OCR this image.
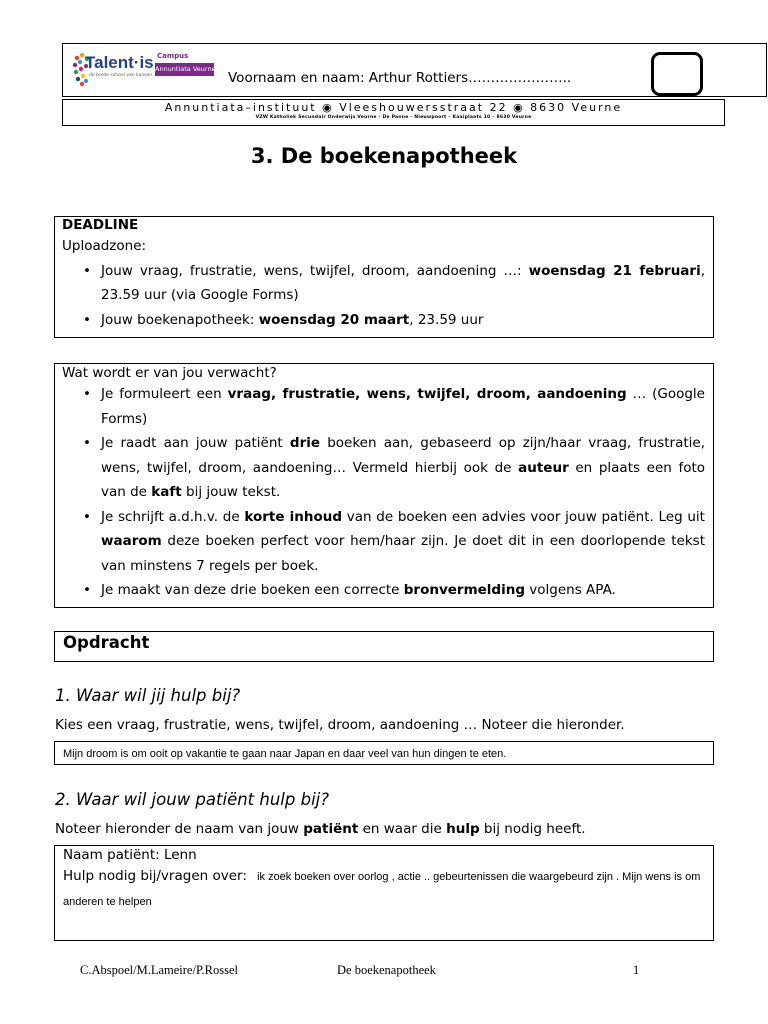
Talent·is
de brede school van kansen
Campus
Annuntiata Veurne
Voornaam en naam: Arthur Rottiers…………………..
Annuntiata–instituut ◉ Vleeshouwersstraat 22 ◉ 8630 Veurne
VZW Katholiek Secundair Onderwijs Veurne - De Panne - Nieuwpoort – Kaaiplaats 10 – 8630 Veurne
3. De boekenapotheek
DEADLINE
Uploadzone:
• Jouw vraag, frustratie, wens, twijfel, droom, aandoening …: woensdag 21 februari, 23.59 uur (via Google Forms)
• Jouw boekenapotheek: woensdag 20 maart, 23.59 uur
Wat wordt er van jou verwacht?
• Je formuleert een vraag, frustratie, wens, twijfel, droom, aandoening … (Google Forms)
• Je raadt aan jouw patiënt drie boeken aan, gebaseerd op zijn/haar vraag, frustratie, wens, twijfel, droom, aandoening… Vermeld hierbij ook de auteur en plaats een foto van de kaft bij jouw tekst.
• Je schrijft a.d.h.v. de korte inhoud van de boeken een advies voor jouw patiënt. Leg uit waarom deze boeken perfect voor hem/haar zijn. Je doet dit in een doorlopende tekst van minstens 7 regels per boek.
• Je maakt van deze drie boeken een correcte bronvermelding volgens APA.
Opdracht
1. Waar wil jij hulp bij?
Kies een vraag, frustratie, wens, twijfel, droom, aandoening … Noteer die hieronder.
Mijn droom is om ooit op vakantie te gaan naar Japan en daar veel van hun dingen te eten.
2. Waar wil jouw patiënt hulp bij?
Noteer hieronder de naam van jouw patiënt en waar die hulp bij nodig heeft.
Naam patiënt: Lenn
Hulp nodig bij/vragen over: ik zoek boeken over oorlog , actie .. gebeurtenissen die waargebeurd zijn . Mijn wens is om anderen te helpen
C.Abspoel/M.Lameire/P.Rossel	De boekenapotheek	1
